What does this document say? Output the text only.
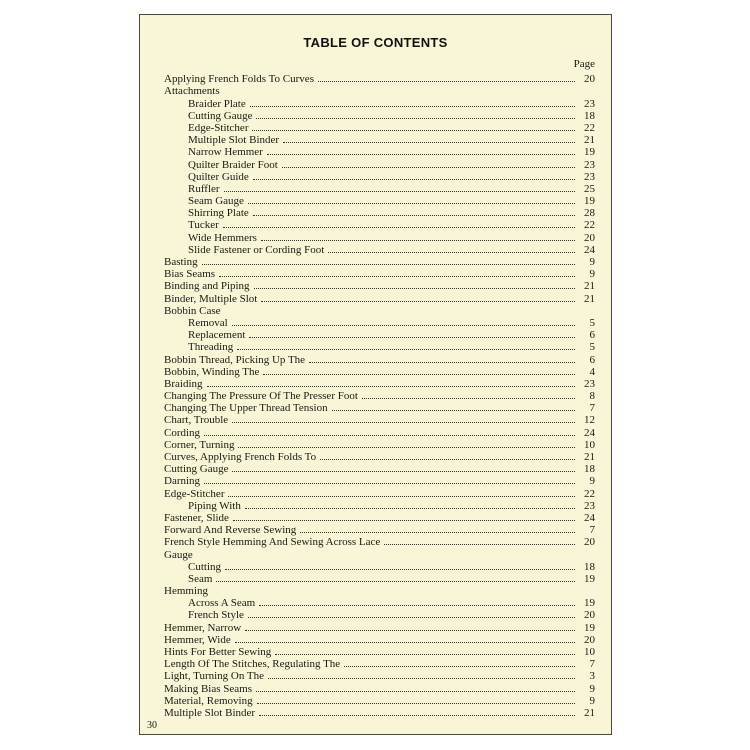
TABLE OF CONTENTS
Page
Applying French Folds To Curves	20
Attachments
Braider Plate	23
Cutting Gauge	18
Edge-Stitcher	22
Multiple Slot Binder	21
Narrow Hemmer	19
Quilter Braider Foot	23
Quilter Guide	23
Ruffler	25
Seam Gauge	19
Shirring Plate	28
Tucker	22
Wide Hemmers	20
Slide Fastener or Cording Foot	24
Basting	9
Bias Seams	9
Binding and Piping	21
Binder, Multiple Slot	21
Bobbin Case
Removal	5
Replacement	6
Threading	5
Bobbin Thread, Picking Up The	6
Bobbin, Winding The	4
Braiding	23
Changing The Pressure Of The Presser Foot	8
Changing The Upper Thread Tension	7
Chart, Trouble	12
Cording	24
Corner, Turning	10
Curves, Applying French Folds To	21
Cutting Gauge	18
Darning	9
Edge-Stitcher	22
Piping With	23
Fastener, Slide	24
Forward And Reverse Sewing	7
French Style Hemming And Sewing Across Lace	20
Gauge
Cutting	18
Seam	19
Hemming
Across A Seam	19
French Style	20
Hemmer, Narrow	19
Hemmer, Wide	20
Hints For Better Sewing	10
Length Of The Stitches, Regulating The	7
Light, Turning On The	3
Making Bias Seams	9
Material, Removing	9
Multiple Slot Binder	21
30
